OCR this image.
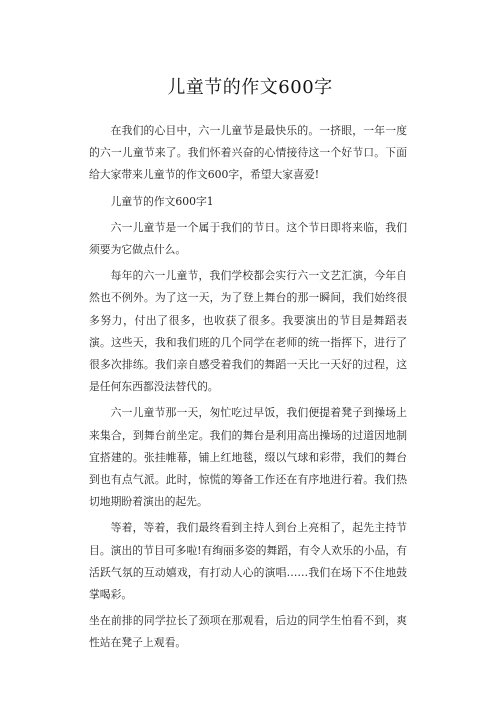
儿童节的作文600字

在我们的心目中，六一儿童节是最快乐的。一挤眼，一年一度的六一儿童节来了。我们怀着兴奋的心情接待这一个好节口。下面给大家带来儿童节的作文600字，希望大家喜爱!

儿童节的作文600字1

六一儿童节是一个属于我们的节日。这个节日即将来临，我们须要为它做点什么。

每年的六一儿童节，我们学校都会实行六一文艺汇演，今年自然也不例外。为了这一天，为了登上舞台的那一瞬间，我们始终很多努力，付出了很多，也收获了很多。我要演出的节目是舞蹈表演。这些天，我和我们班的几个同学在老师的统一指挥下，进行了很多次排练。我们亲自感受着我们的舞蹈一天比一天好的过程，这是任何东西都没法替代的。

六一儿童节那一天，匆忙吃过早饭，我们便提着凳子到操场上来集合，到舞台前坐定。我们的舞台是利用高出操场的过道因地制宜搭建的。张挂帷幕，铺上红地毯，缀以气球和彩带，我们的舞台到也有点气派。此时，惊慌的筹备工作还在有序地进行着。我们热切地期盼着演出的起先。

等着，等着，我们最终看到主持人到台上亮相了，起先主持节目。演出的节目可多啦!有绚丽多姿的舞蹈，有令人欢乐的小品，有活跃气氛的互动嬉戏，有打动人心的演唱……我们在场下不住地鼓掌喝彩。

坐在前排的同学拉长了颈项在那观看，后边的同学生怕看不到，爽性站在凳子上观看。
